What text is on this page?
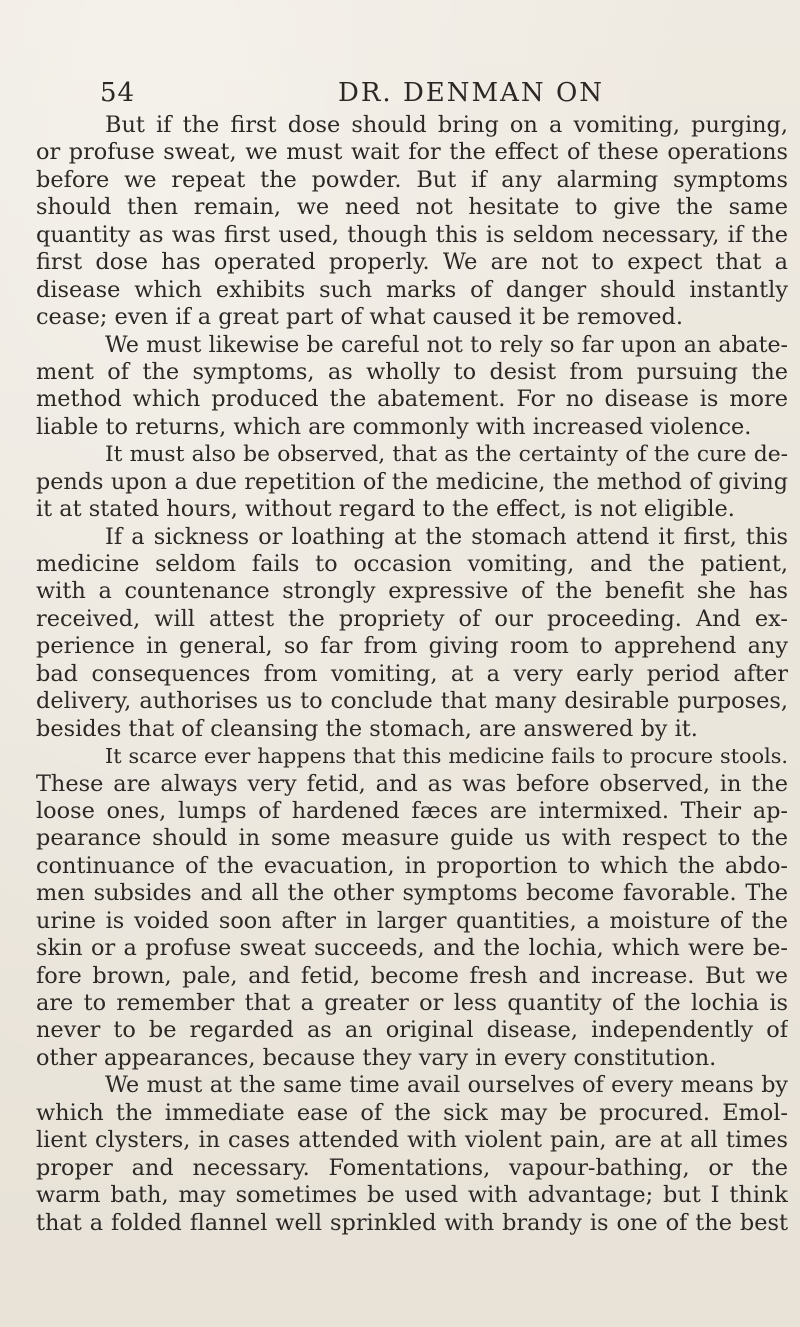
54	DR. DENMAN ON
But if the first dose should bring on a vomiting, purging,
or profuse sweat, we must wait for the effect of these operations
before we repeat the powder. But if any alarming symptoms
should then remain, we need not hesitate to give the same
quantity as was first used, though this is seldom necessary, if the
first dose has operated properly. We are not to expect that a
disease which exhibits such marks of danger should instantly
cease; even if a great part of what caused it be removed.
We must likewise be careful not to rely so far upon an abate-
ment of the symptoms, as wholly to desist from pursuing the
method which produced the abatement. For no disease is more
liable to returns, which are commonly with increased violence.
It must also be observed, that as the certainty of the cure de-
pends upon a due repetition of the medicine, the method of giving
it at stated hours, without regard to the effect, is not eligible.
If a sickness or loathing at the stomach attend it first, this
medicine seldom fails to occasion vomiting, and the patient,
with a countenance strongly expressive of the benefit she has
received, will attest the propriety of our proceeding. And ex-
perience in general, so far from giving room to apprehend any
bad consequences from vomiting, at a very early period after
delivery, authorises us to conclude that many desirable purposes,
besides that of cleansing the stomach, are answered by it.
It scarce ever happens that this medicine fails to procure stools.
These are always very fetid, and as was before observed, in the
loose ones, lumps of hardened fæces are intermixed. Their ap-
pearance should in some measure guide us with respect to the
continuance of the evacuation, in proportion to which the abdo-
men subsides and all the other symptoms become favorable. The
urine is voided soon after in larger quantities, a moisture of the
skin or a profuse sweat succeeds, and the lochia, which were be-
fore brown, pale, and fetid, become fresh and increase. But we
are to remember that a greater or less quantity of the lochia is
never to be regarded as an original disease, independently of
other appearances, because they vary in every constitution.
We must at the same time avail ourselves of every means by
which the immediate ease of the sick may be procured. Emol-
lient clysters, in cases attended with violent pain, are at all times
proper and necessary. Fomentations, vapour-bathing, or the
warm bath, may sometimes be used with advantage; but I think
that a folded flannel well sprinkled with brandy is one of the best
